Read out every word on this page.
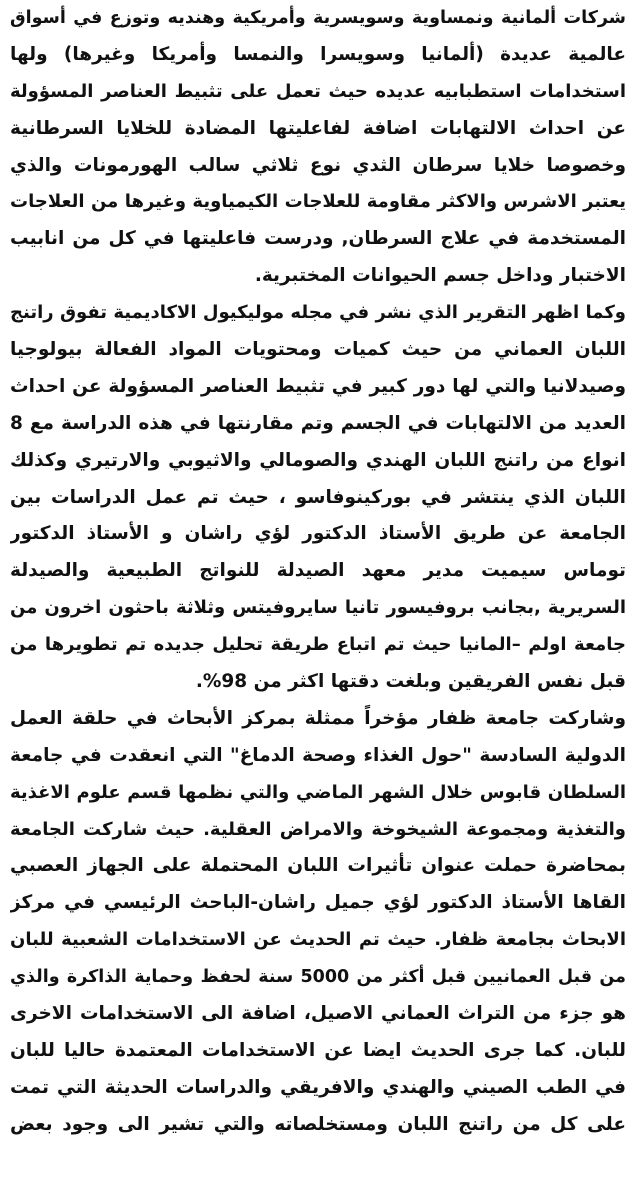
شركات ألمانية ونمساوية وسويسرية وأمريكية وهنديه وتوزع في أسواق
عالمية عديدة (ألمانيا وسويسرا والنمسا وأمريكا وغيرها) ولها
استخدامات استطبابيه عديده حيث تعمل على تثبيط العناصر المسؤولة
عن احداث الالتهابات اضافة لفاعليتها المضادة للخلايا السرطانية
وخصوصا خلايا سرطان الثدي نوع ثلاثي سالب الهورمونات والذي
يعتبر الاشرس والاكثر مقاومة للعلاجات الكيمياوية وغيرها من العلاجات
المستخدمة في علاج السرطان, ودرست فاعليتها في كل من انابيب
الاختبار وداخل جسم الحيوانات المختبرية.
وكما اظهر التقرير الذي نشر في مجله موليكيول الاكاديمية تفوق راتنج
اللبان العماني من حيث كميات ومحتويات المواد الفعالة بيولوجيا
وصيدلانيا والتي لها دور كبير في تثبيط العناصر المسؤولة عن احداث
العديد من الالتهابات في الجسم وتم مقارنتها في هذه الدراسة مع 8
انواع من راتنج اللبان الهندي والصومالي والاثيوبي والارتيري وكذلك
اللبان الذي ينتشر في بوركينوفاسو ، حيث تم عمل الدراسات بين
الجامعة عن طريق الأستاذ الدكتور لؤي راشان و الأستاذ الدكتور
توماس سيميت مدير معهد الصيدلة للنواتج الطبيعية والصيدلة
السريرية ,بجانب بروفيسور تانيا سايروفيتس وثلاثة باحثون اخرون من
جامعة اولم –المانيا حيث تم اتباع طريقة تحليل جديده تم تطويرها من
قبل نفس الفريقين وبلغت دقتها اكثر من 98%.
وشاركت جامعة ظفار مؤخراً ممثلة بمركز الأبحاث في حلقة العمل
الدولية السادسة "حول الغذاء وصحة الدماغ" التي انعقدت في جامعة
السلطان قابوس خلال الشهر الماضي والتي نظمها قسم علوم الاغذية
والتغذية ومجموعة الشيخوخة والامراض العقلية. حيث شاركت الجامعة
بمحاضرة حملت عنوان تأثيرات اللبان المحتملة على الجهاز العصبي
القاها الأستاذ الدكتور لؤي جميل راشان-الباحث الرئيسي في مركز
الابحاث بجامعة ظفار. حيث تم الحديث عن الاستخدامات الشعبية للبان
من قبل العمانيين قبل أكثر من 5000 سنة لحفظ وحماية الذاكرة والذي
هو جزء من التراث العماني الاصيل، اضافة الى الاستخدامات الاخرى
للبان. كما جرى الحديث ايضا عن الاستخدامات المعتمدة حاليا للبان
في الطب الصيني والهندي والافريقي والدراسات الحديثة التي تمت
على كل من راتنج اللبان ومستخلصاته والتي تشير الى وجود بعض
